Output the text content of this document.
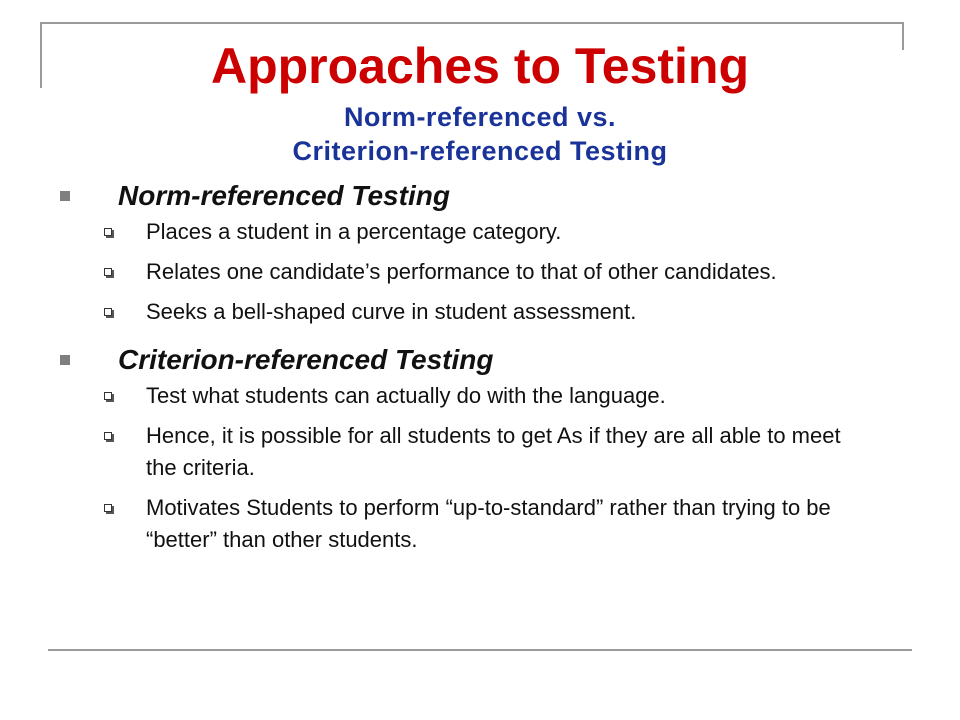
Approaches to Testing
Norm-referenced vs.
Criterion-referenced Testing
Norm-referenced Testing
Places a student in a percentage category.
Relates one candidate’s performance to that of other candidates.
Seeks a bell-shaped curve in student assessment.
Criterion-referenced Testing
Test what students can actually do with the language.
Hence, it is possible for all students to get As if they are all able to meet the criteria.
Motivates Students to perform “up-to-standard” rather than trying to be “better” than other students.
